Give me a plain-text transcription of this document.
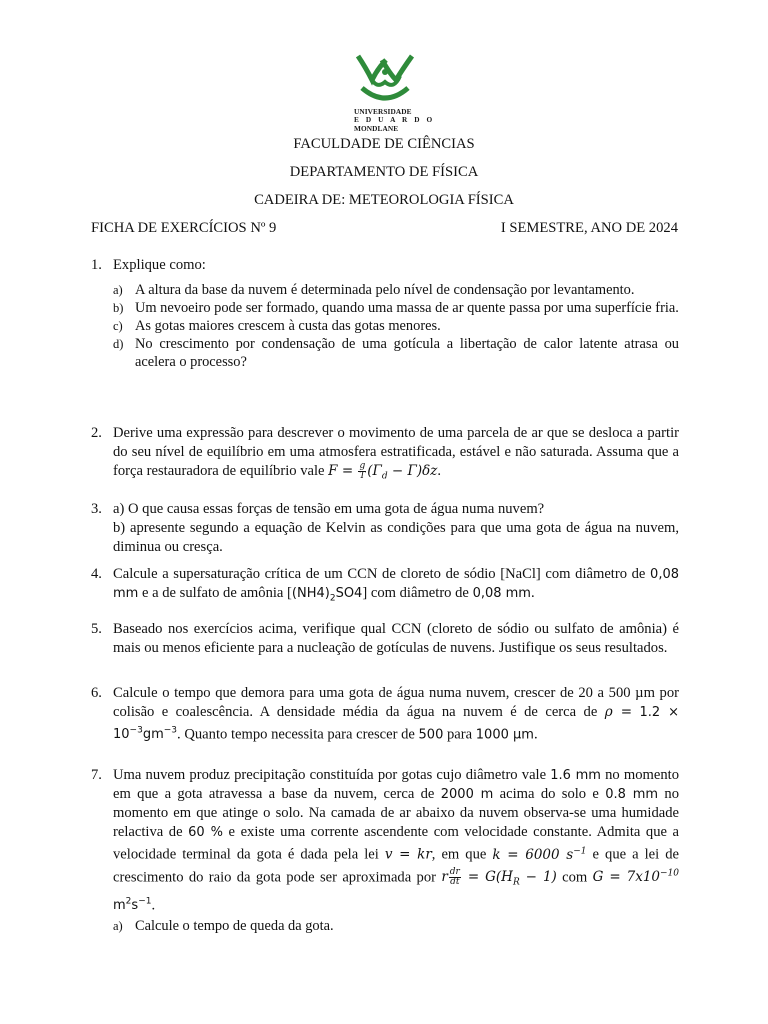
UNIVERSIDADE
E D U A R D O
MONDLANE
FACULDADE DE CIÊNCIAS
DEPARTAMENTO DE FÍSICA
CADEIRA DE: METEOROLOGIA FÍSICA
FICHA DE EXERCÍCIOS Nº 9	I SEMESTRE, ANO DE 2024
1. Explique como:
a) A altura da base da nuvem é determinada pelo nível de condensação por levantamento.
b) Um nevoeiro pode ser formado, quando uma massa de ar quente passa por uma superfície fria.
c) As gotas maiores crescem à custa das gotas menores.
d) No crescimento por condensação de uma gotícula a libertação de calor latente atrasa ou acelera o processo?
2. Derive uma expressão para descrever o movimento de uma parcela de ar que se desloca a partir do seu nível de equilíbrio em uma atmosfera estratificada, estável e não saturada. Assuma que a força restauradora de equilíbrio vale $F = \frac{g}{T} (\Gamma_d - \Gamma)\delta z$.
3. a) O que causa essas forças de tensão em uma gota de água numa nuvem?
b) apresente segundo a equação de Kelvin as condições para que uma gota de água na nuvem, diminua ou cresça.
4. Calcule a supersaturação crítica de um CCN de cloreto de sódio [NaCl] com diâmetro de 0,08 mm e a de sulfato de amônia $[(NH4)_2SO4]$ com diâmetro de 0,08 mm.
5. Baseado nos exercícios acima, verifique qual CCN (cloreto de sódio ou sulfato de amônia) é mais ou menos eficiente para a nucleação de gotículas de nuvens. Justifique os seus resultados.
6. Calcule o tempo que demora para uma gota de água numa nuvem, crescer de 20 a 500 µm por colisão e coalescência. A densidade média da água na nuvem é de cerca de $\rho = 1.2 \times 10^{-3}gm^{-3}$. Quanto tempo necessita para crescer de 500 para 1000 µm.
7. Uma nuvem produz precipitação constituída por gotas cujo diâmetro vale 1.6 mm no momento em que a gota atravessa a base da nuvem, cerca de 2000 m acima do solo e 0.8 mm no momento em que atinge o solo. Na camada de ar abaixo da nuvem observa-se uma humidade relactiva de 60 % e existe uma corrente ascendente com velocidade constante. Admita que a velocidade terminal da gota é dada pela lei v = kr, em que k = 6000 $s^{-1}$ e que a lei de crescimento do raio da gota pode ser aproximada por r $\frac{dr}{dt} = G(H_R - 1)$ com $G = 7x10^{-10}$ $m^2s^{-1}$.
a) Calcule o tempo de queda da gota.
